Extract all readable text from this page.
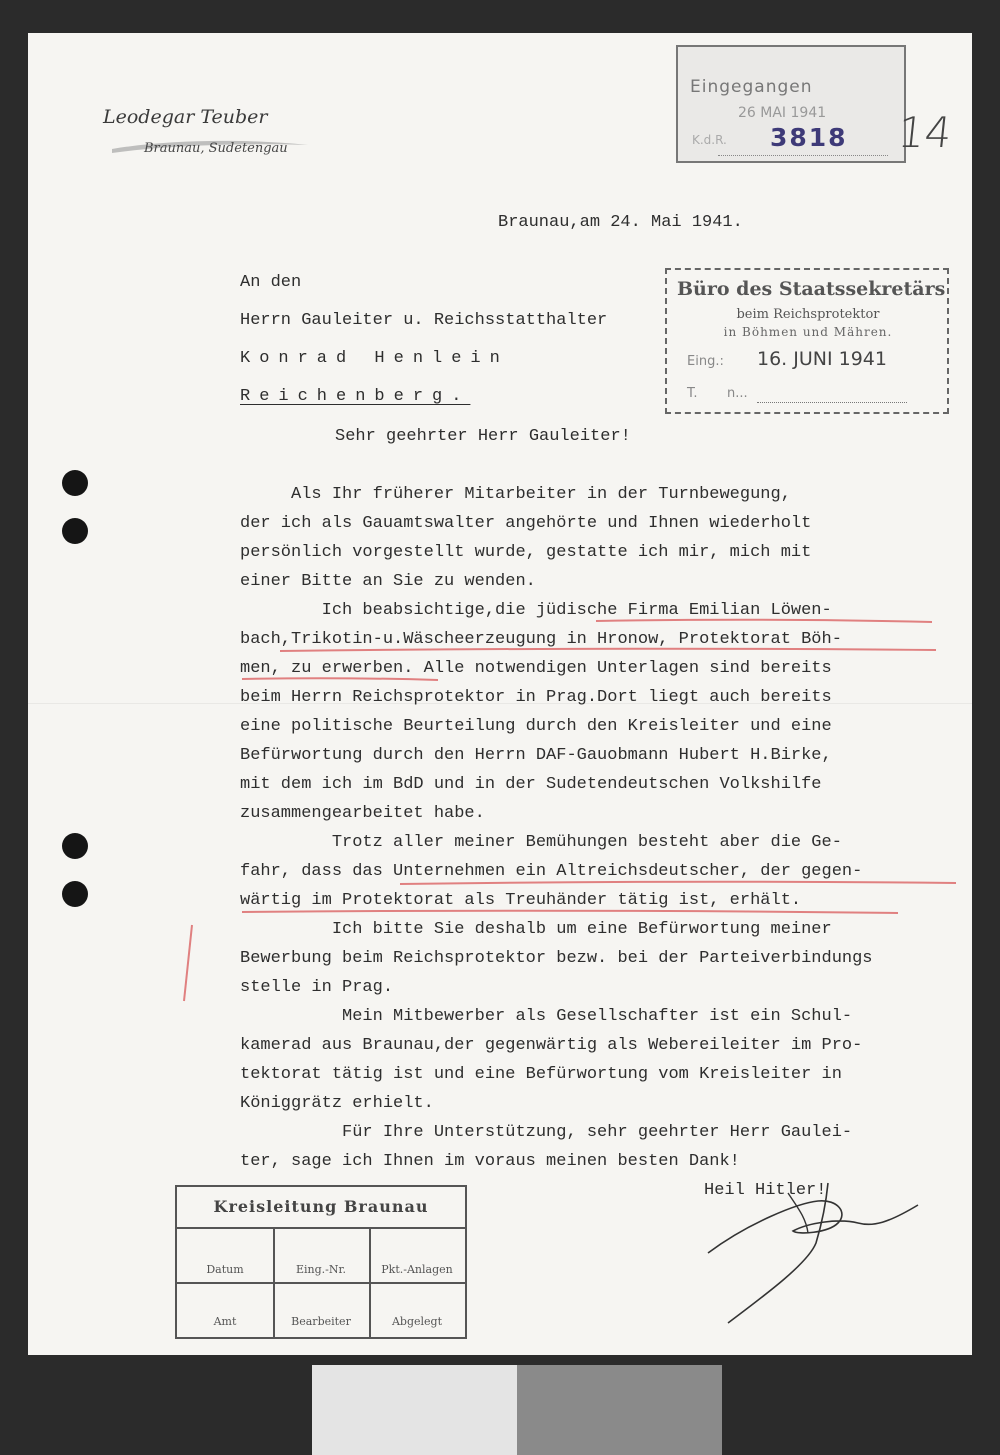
Leodegar Teuber
Braunau, Sudetengau
Eingegangen
26 MAI 1941
K.d.R. 3818 14
Braunau,am 24. Mai 1941.
An den
Herrn Gauleiter u. Reichsstatthalter
Konrad Henlein
Reichenberg.
Büro des Staatssekretärs
beim Reichsprotektor
in Böhmen und Mähren.
Eing.: 16. JUNI 1941
T. n...
Sehr geehrter Herr Gauleiter!
Als Ihr früherer Mitarbeiter in der Turnbewegung,
der ich als Gauamtswalter angehörte und Ihnen wiederholt
persönlich vorgestellt wurde, gestatte ich mir, mich mit
einer Bitte an Sie zu wenden.
Ich beabsichtige,die jüdische Firma Emilian Löwen-
bach,Trikotin-u.Wäscheerzeugung in Hronow, Protektorat Böh-
men, zu erwerben. Alle notwendigen Unterlagen sind bereits
beim Herrn Reichsprotektor in Prag.Dort liegt auch bereits
eine politische Beurteilung durch den Kreisleiter und eine
Befürwortung durch den Herrn DAF-Gauobmann Hubert H.Birke,
mit dem ich im BdD und in der Sudetendeutschen Volkshilfe
zusammengearbeitet habe.
Trotz aller meiner Bemühungen besteht aber die Ge-
fahr, dass das Unternehmen ein Altreichsdeutscher, der gegen-
wärtig im Protektorat als Treuhänder tätig ist, erhält.
Ich bitte Sie deshalb um eine Befürwortung meiner
Bewerbung beim Reichsprotektor bezw. bei der Parteiverbindungs
stelle in Prag.
Mein Mitbewerber als Gesellschafter ist ein Schul-
kamerad aus Braunau,der gegenwärtig als Webereileiter im Pro-
tektorat tätig ist und eine Befürwortung vom Kreisleiter in
Königgrätz erhielt.
Für Ihre Unterstützung, sehr geehrter Herr Gaulei-
ter, sage ich Ihnen im voraus meinen besten Dank!
Heil Hitler!
Kreisleitung Braunau
Datum	Eing.-Nr.	Pkt.-Anlagen
Amt	Bearbeiter	Abgelegt
